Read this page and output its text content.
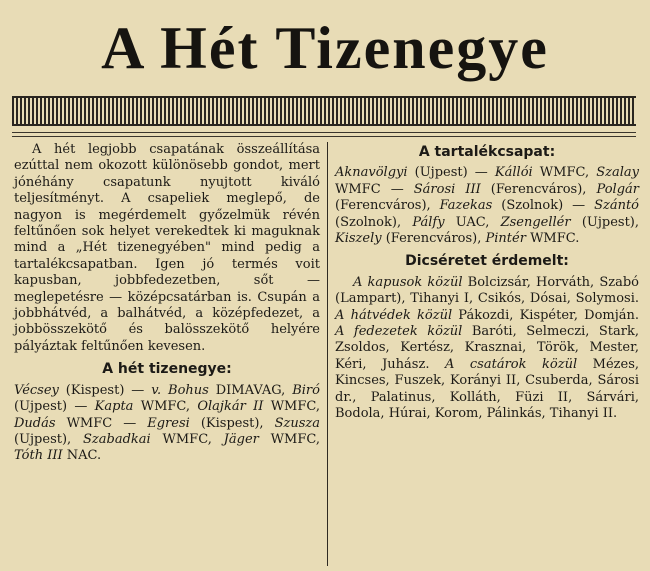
A Hét Tizenegye

A hét legjobb csapatának összeállítása ezúttal nem okozott különösebb gondot, mert jónéhány csapatunk nyujtott kiváló teljesítményt. A csapeliek meglepő, de nagyon is megérdemelt győzelmük révén feltűnően sok helyet verekedtek ki maguknak mind a „Hét tizenegyében" mind pedig a tartalékcsapatban. Igen jó termés voit kapusban, jobbfedezetben, sőt — meglepetésre — középcsatárban is. Csupán a jobbhátvéd, a balhátvéd, a középfedezet, a jobbösszekötő és balösszekötő helyére pályáztak feltűnően kevesen.

A hét tizenegye:

Vécsey (Kispest) — v. Bohus DIMAVAG, Biró (Ujpest) — Kapta WMFC, Olajkár II WMFC, Dudás WMFC — Egresi (Kispest), Szusza (Ujpest), Szabadkai WMFC, Jäger WMFC, Tóth III NAC.

A tartalékcsapat:

Aknavölgyi (Ujpest) — Kállói WMFC, Szalay WMFC — Sárosi III (Ferencváros), Polgár (Ferencváros), Fazekas (Szolnok) — Szántó (Szolnok), Pálfy UAC, Zsengellér (Ujpest), Kiszely (Ferencváros), Pintér WMFC.

Dicséretet érdemelt:

A kapusok közül Bolcizsár, Horváth, Szabó (Lampart), Tihanyi I, Csikós, Dósai, Solymosi. A hátvédek közül Pákozdi, Kispéter, Domján. A fedezetek közül Baróti, Selmeczi, Stark, Zsoldos, Kertész, Krasznai, Török, Mester, Kéri, Juhász. A csatárok közül Mézes, Kincses, Fuszek, Korányi II, Csuberda, Sárosi dr., Palatinus, Kolláth, Füzi II, Sárvári, Bodola, Húrai, Korom, Pálinkás, Tihanyi II.
